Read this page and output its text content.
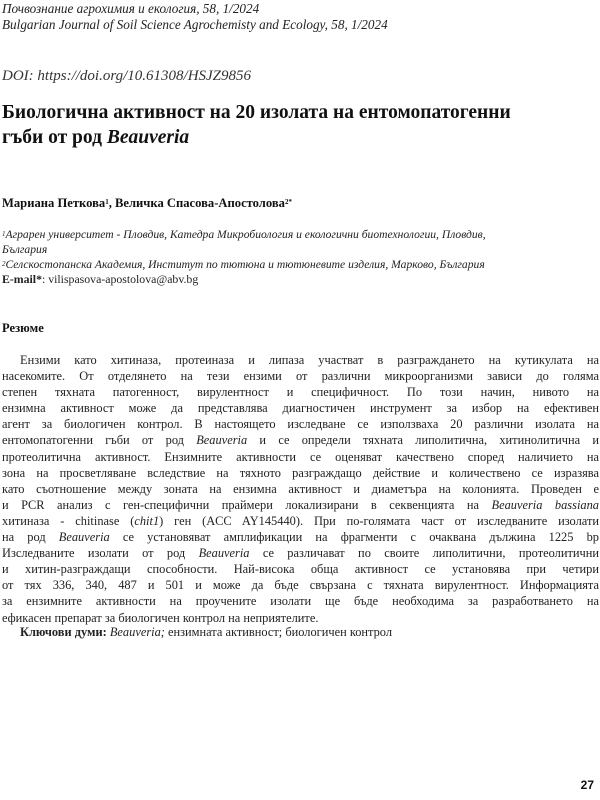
Почвознание агрохимия и екология, 58, 1/2024
Bulgarian Journal of Soil Science Agrochemisty and Ecology, 58, 1/2024
DOI: https://doi.org/10.61308/HSJZ9856
Биологична активност на 20 изолата на ентомопатогенни
гъби от род Beauveria
Мариана Петкова$^1$, Величка Спасова-Апостолова$^{2*}$
$^1$Аграрен университет - Пловдив, Катедра Микробиология и екологични биотехнологии, Пловдив,
България
$^2$Селскостопанска Академия, Институт по тютюна и тютюневите изделия, Марково, България
E-mail*: vilispasova-apostolova@abv.bg
Резюме
Ензими като хитиназа, протеиназа и липаза участват в разграждането на кутикулата на
насекомите. От отделянето на тези ензими от различни микроорганизми зависи до голяма
степен тяхната патогенност, вирулентност и специфичност. По този начин, нивото на
ензимна активност може да представлява диагностичен инструмент за избор на ефективен
агент за биологичен контрол. В настоящето изследване се използваха 20 различни изолата на
ентомопатогенни гъби от род Beauveria и се определи тяхната липолитична, хитинолитична и
протеолитична активност. Ензимните активности се оценяват качествено според наличието на
зона на просветляване вследствие на тяхното разграждащо действие и количествено се изразява
като съотношение между зоната на ензимна активност и диаметъра на колонията. Проведен е
и PCR анализ с ген-специфични праймери локализирани в секвенцията на Beauveria bassiana
хитиназа - chitinase (chit1) ген (ACC AY145440). При по-голямата част от изследваните изолати
на род Beauveria се установяват амплификации на фрагменти с очаквана дължина 1225 bp
Изследваните изолати от род Beauveria се различават по своите липолитични, протеолитични
и хитин-разграждащи способности. Най-висока обща активност се установява при четири
от тях 336, 340, 487 и 501 и може да бъде свързана с тяхната вирулентност. Информацията
за ензимните активности на проучените изолати ще бъде необходима за разработването на
ефикасен препарат за биологичен контрол на неприятелите.
Ключови думи: Beauveria; ензимната активност; биологичен контрол
27
